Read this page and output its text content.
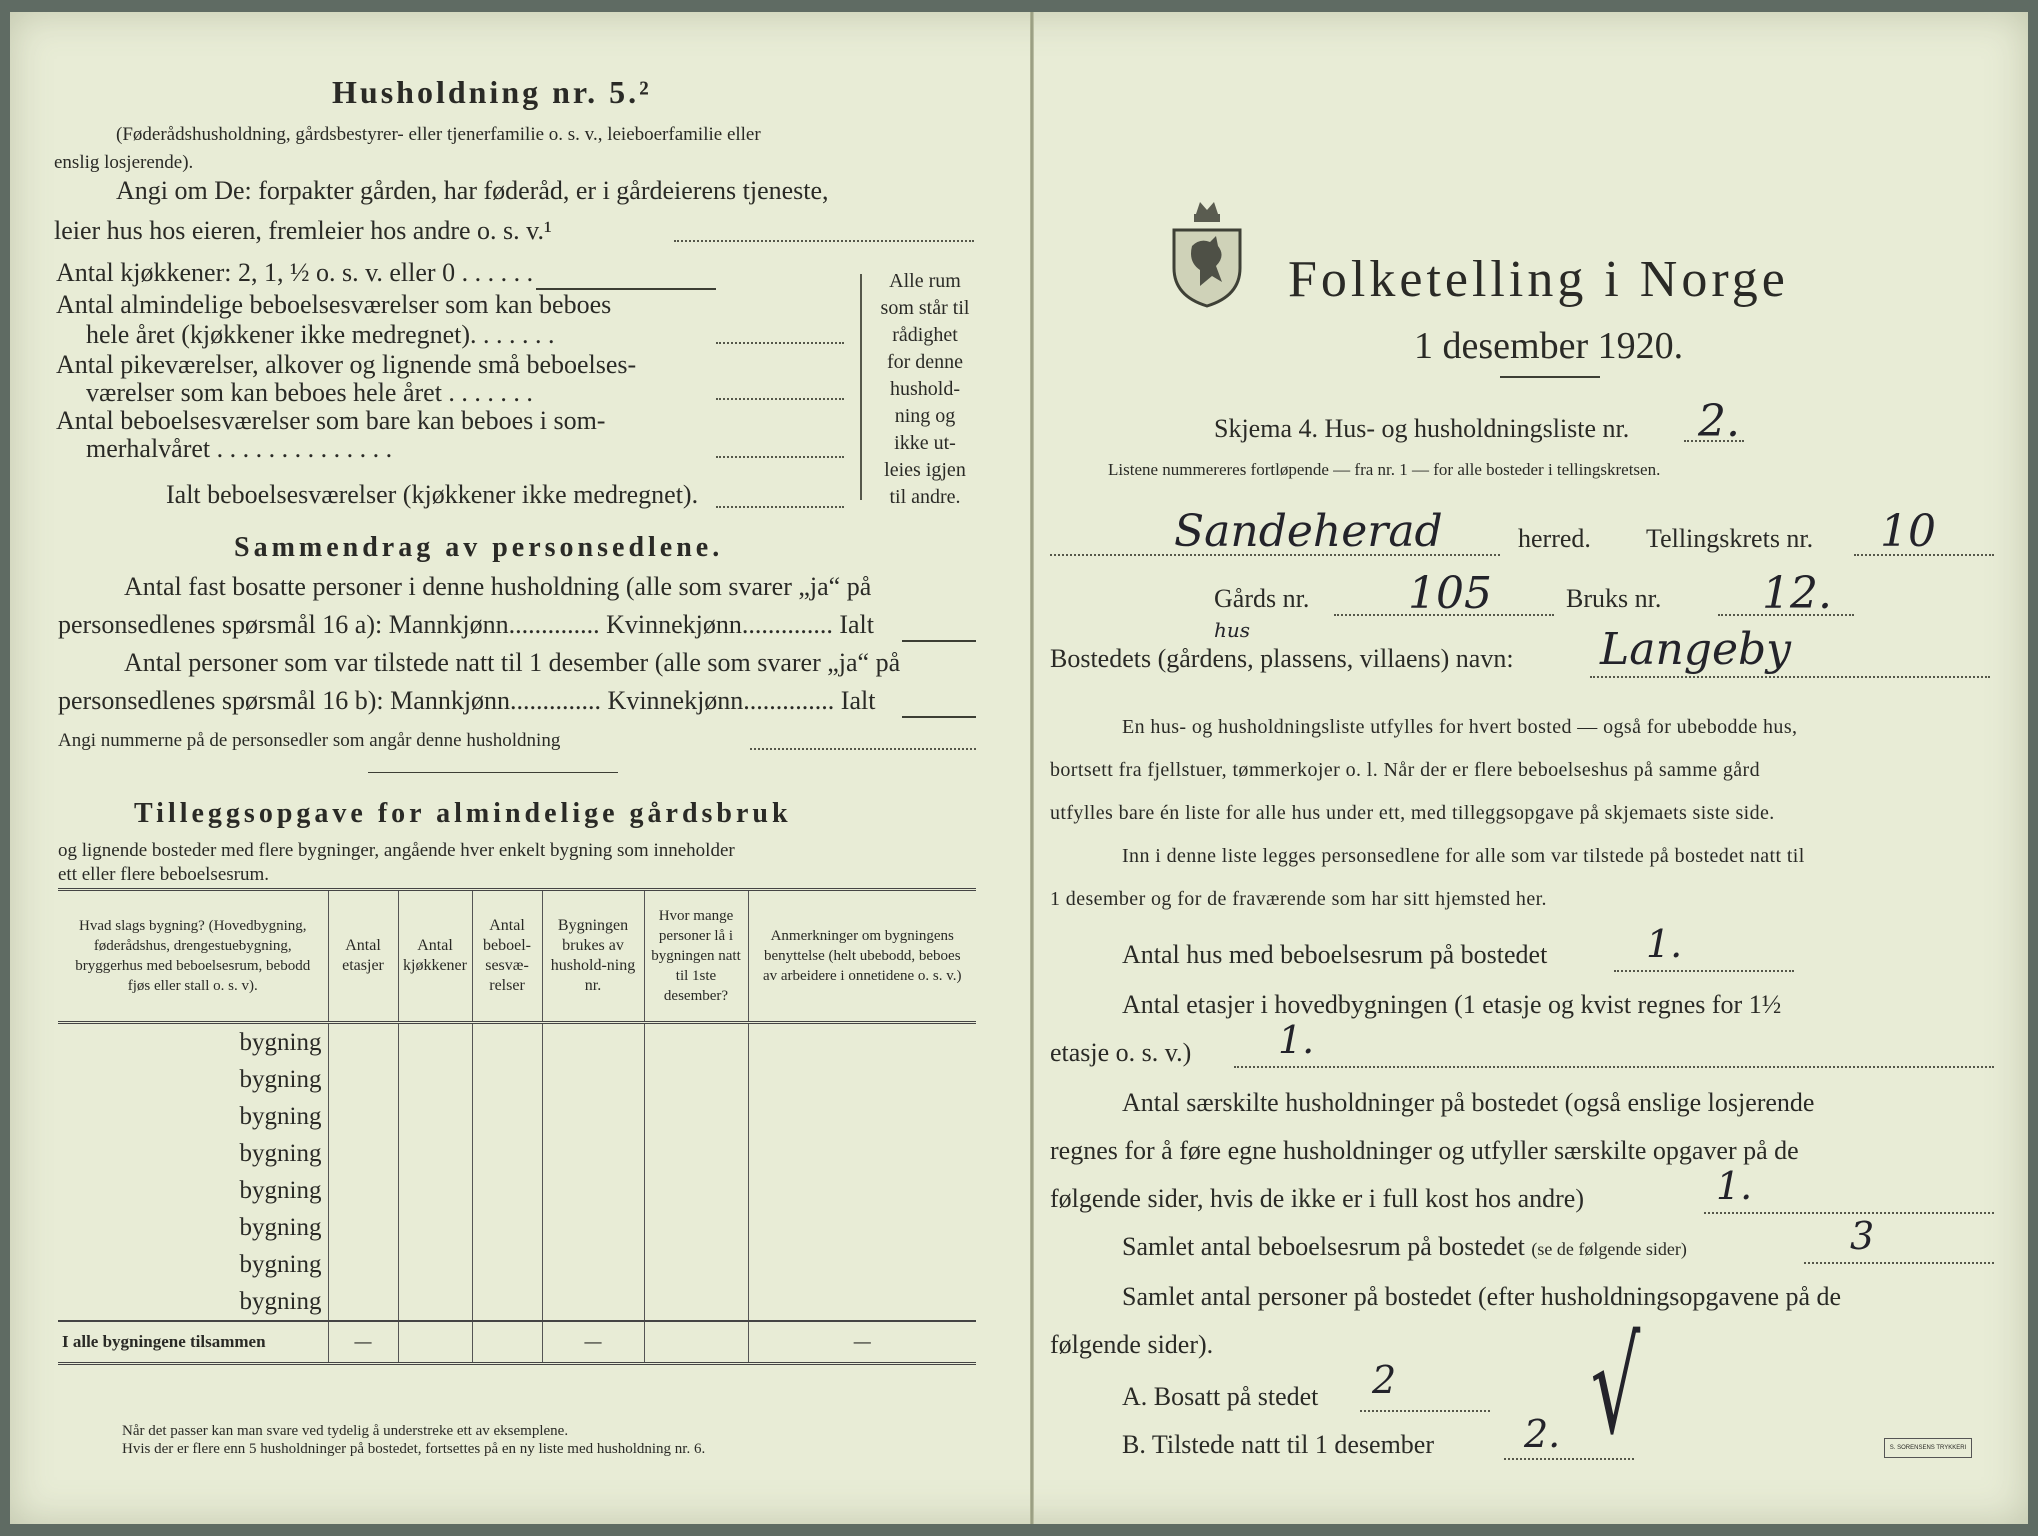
Husholdning nr. 5.²
(Føderådshusholdning, gårdsbestyrer- eller tjenerfamilie o. s. v., leieboerfamilie eller
enslig losjerende).
Angi om De: forpakter gården, har føderåd, er i gårdeierens tjeneste,
leier hus hos eieren, fremleier hos andre o. s. v.¹
Antal kjøkkener: 2, 1, ½ o. s. v. eller 0 . . . . . .
Antal almindelige beboelsesværelser som kan beboes
hele året (kjøkkener ikke medregnet). . . . . . .
Antal pikeværelser, alkover og lignende små beboelses-
værelser som kan beboes hele året . . . . . . .
Antal beboelsesværelser som bare kan beboes i som-
merhalvåret . . . . . . . . . . . . . .
Ialt beboelsesværelser (kjøkkener ikke medregnet).
Alle rum
som står til
rådighet
for denne
hushold-
ning og
ikke ut-
leies igjen
til andre.
Sammendrag av personsedlene.
Antal fast bosatte personer i denne husholdning (alle som svarer „ja“ på
personsedlenes spørsmål 16 a): Mannkjønn.............. Kvinnekjønn.............. Ialt
Antal personer som var tilstede natt til 1 desember (alle som svarer „ja“ på
personsedlenes spørsmål 16 b): Mannkjønn.............. Kvinnekjønn.............. Ialt
Angi nummerne på de personsedler som angår denne husholdning
Tilleggsopgave for almindelige gårdsbruk
og lignende bosteder med flere bygninger, angående hver enkelt bygning som inneholder
ett eller flere beboelsesrum.
Hvad slags bygning? (Hovedbygning, føderådshus, drengestuebygning, bryggerhus med beboelsesrum, bebodd fjøs eller stall o. s. v).	Antal etasjer	Antal kjøkkener	Antal beboel-sesvæ-relser	Bygningen brukes av hushold-ning nr.	Hvor mange personer lå i bygningen natt til 1ste desember?	Anmerkninger om bygningens benyttelse (helt ubebodd, beboes av arbeidere i onnetidene o. s. v.)
bygning						
bygning						
bygning						
bygning						
bygning						
bygning						
bygning						
bygning						
I alle bygningene tilsammen	—			—		—
Når det passer kan man svare ved tydelig å understreke ett av eksemplene.
Hvis der er flere enn 5 husholdninger på bostedet, fortsettes på en ny liste med husholdning nr. 6.
Folketelling i Norge
1 desember 1920.
Skjema 4. Hus- og husholdningsliste nr. 2.
Listene nummereres fortløpende — fra nr. 1 — for alle bosteder i tellingskretsen.
Sandeherad	herred. Tellingskrets nr. 10
Gårds nr. 105	Bruks nr. 12.
hus
Bostedets (gårdens, plassens, villaens) navn: Langeby
En hus- og husholdningsliste utfylles for hvert bosted — også for ubebodde hus,
bortsett fra fjellstuer, tømmerkojer o. l. Når der er flere beboelseshus på samme gård
utfylles bare én liste for alle hus under ett, med tilleggsopgave på skjemaets siste side.
Inn i denne liste legges personsedlene for alle som var tilstede på bostedet natt til
1 desember og for de fraværende som har sitt hjemsted her.
Antal hus med beboelsesrum på bostedet	1.
Antal etasjer i hovedbygningen (1 etasje og kvist regnes for 1½
etasje o. s. v.) 1.
Antal særskilte husholdninger på bostedet (også enslige losjerende
regnes for å føre egne husholdninger og utfyller særskilte opgaver på de
følgende sider, hvis de ikke er i full kost hos andre)	1.
Samlet antal beboelsesrum på bostedet (se de følgende sider)	3
Samlet antal personer på bostedet (efter husholdningsopgavene på de
følgende sider).
A. Bosatt på stedet 2
B. Tilstede natt til 1 desember 2. √	S. SORENSENS TRYKKERI
